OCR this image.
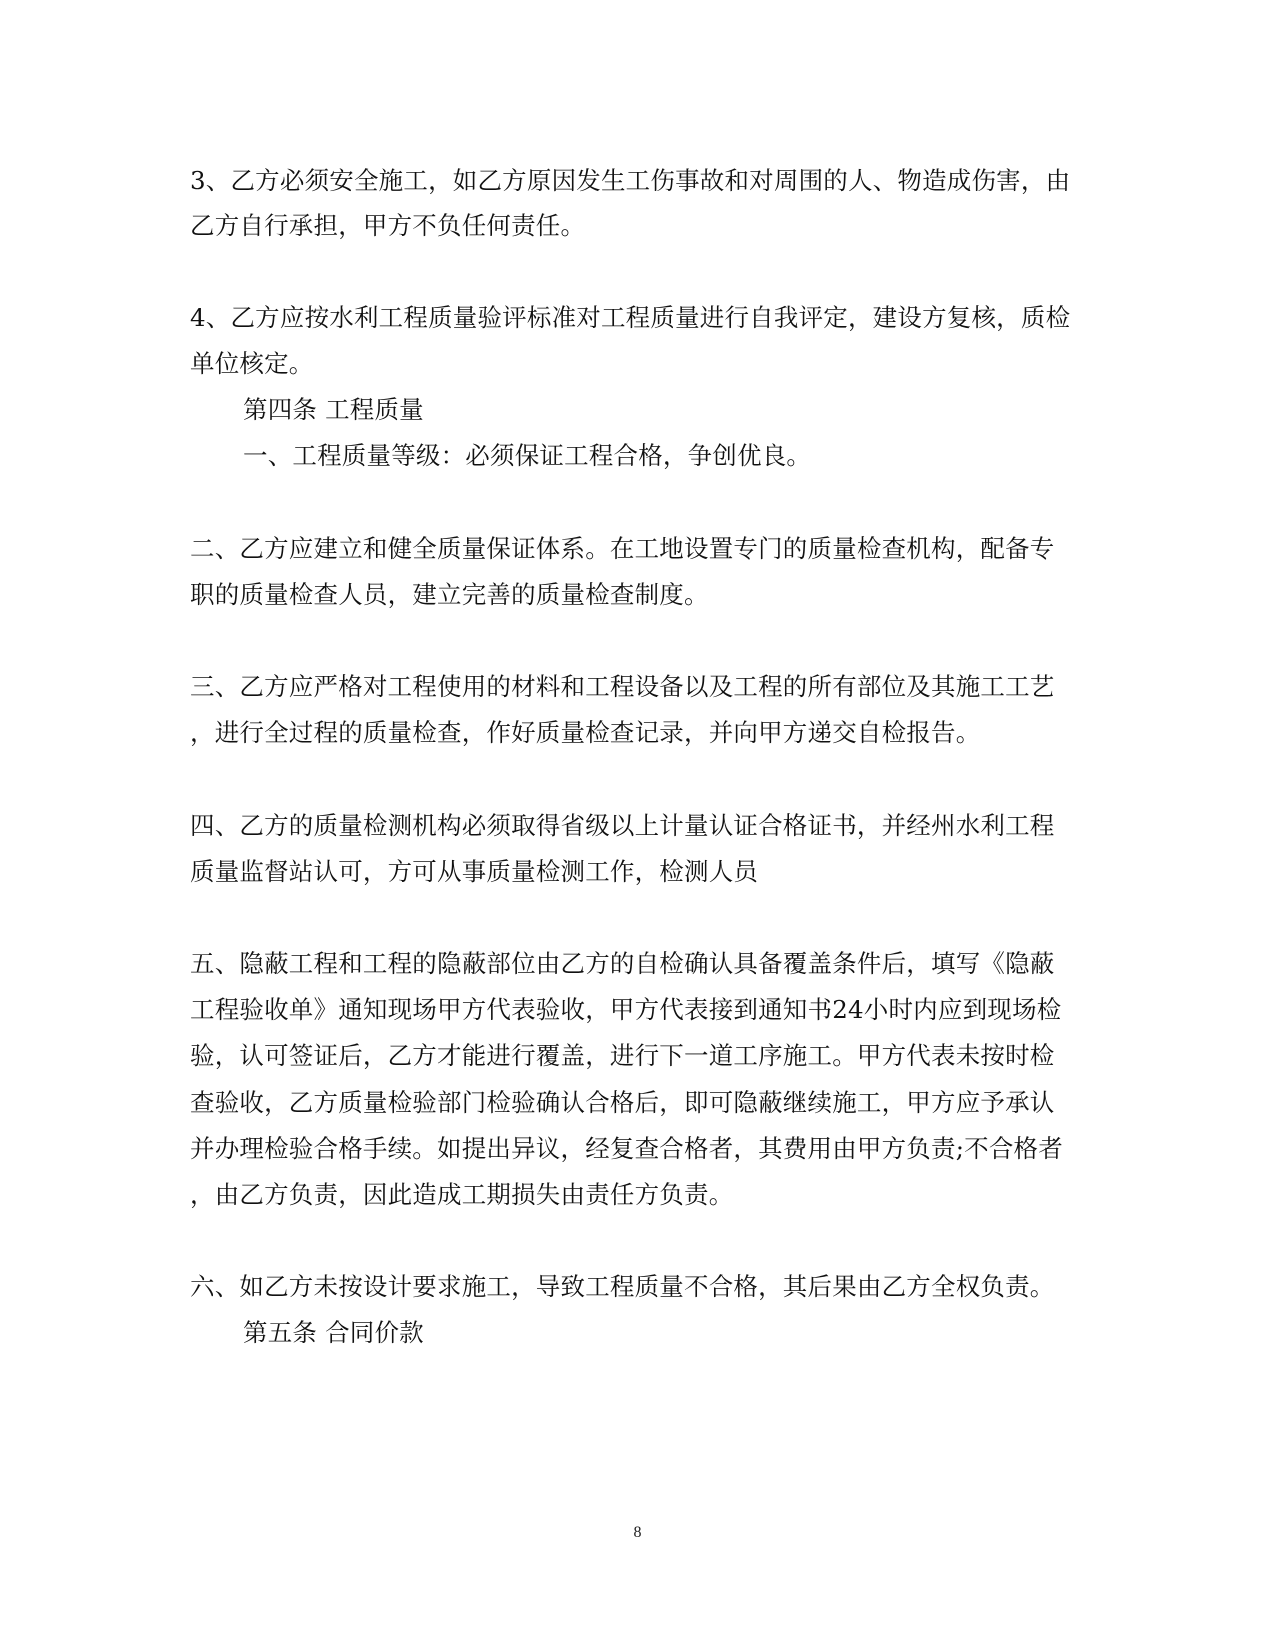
3、乙方必须安全施工，如乙方原因发生工伤事故和对周围的人、物造成伤害，由
乙方自行承担，甲方不负任何责任。
4、乙方应按水利工程质量验评标准对工程质量进行自我评定，建设方复核，质检
单位核定。
第四条 工程质量
一、工程质量等级：必须保证工程合格，争创优良。
二、乙方应建立和健全质量保证体系。在工地设置专门的质量检查机构，配备专
职的质量检查人员，建立完善的质量检查制度。
三、乙方应严格对工程使用的材料和工程设备以及工程的所有部位及其施工工艺
，进行全过程的质量检查，作好质量检查记录，并向甲方递交自检报告。
四、乙方的质量检测机构必须取得省级以上计量认证合格证书，并经州水利工程
质量监督站认可，方可从事质量检测工作，检测人员
五、隐蔽工程和工程的隐蔽部位由乙方的自检确认具备覆盖条件后，填写《隐蔽
工程验收单》通知现场甲方代表验收，甲方代表接到通知书24小时内应到现场检
验，认可签证后，乙方才能进行覆盖，进行下一道工序施工。甲方代表未按时检
查验收，乙方质量检验部门检验确认合格后，即可隐蔽继续施工，甲方应予承认
并办理检验合格手续。如提出异议，经复查合格者，其费用由甲方负责;不合格者
，由乙方负责，因此造成工期损失由责任方负责。
六、如乙方未按设计要求施工，导致工程质量不合格，其后果由乙方全权负责。
第五条 合同价款
8
